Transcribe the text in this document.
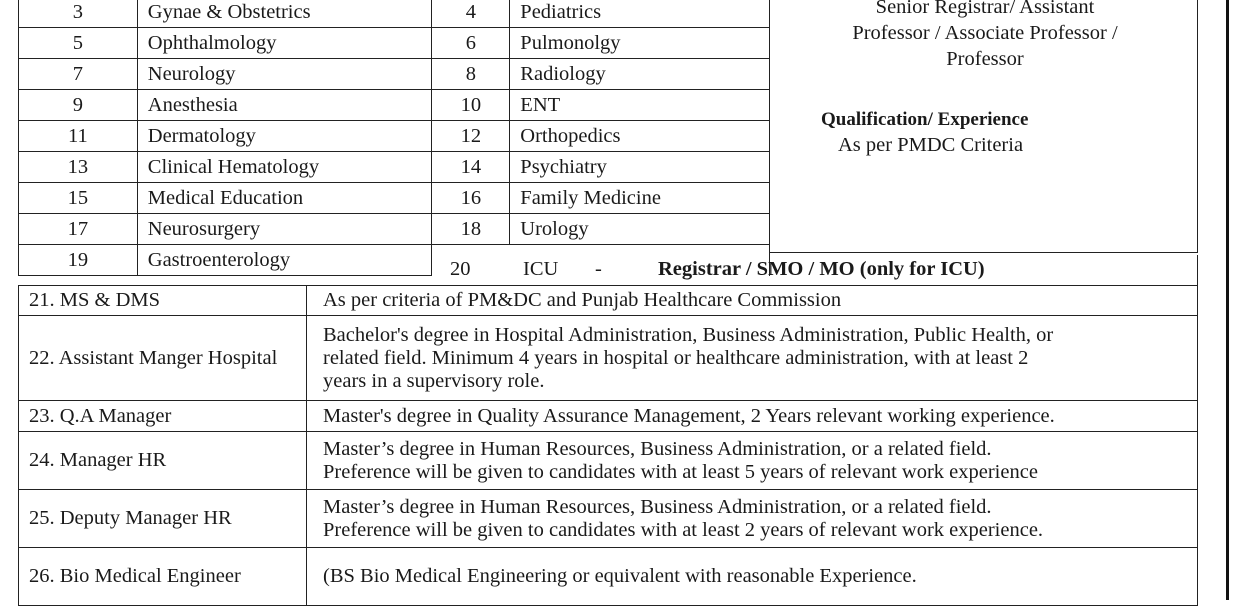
3	Gynae & Obstetrics	4	Pediatrics
5	Ophthalmology	6	Pulmonolgy
7	Neurology	8	Radiology
9	Anesthesia	10	ENT
11	Dermatology	12	Orthopedics
13	Clinical Hematology	14	Psychiatry
15	Medical Education	16	Family Medicine
17	Neurosurgery	18	Urology
19	Gastroenterology		
Senior Registrar/ Assistant
Professor / Associate Professor /
Professor
Qualification/ Experience
As per PMDC Criteria
20	ICU -	Registrar / SMO / MO (only for ICU)
21. MS & DMS	As per criteria of PM&DC and Punjab Healthcare Commission

22. Assistant Manger Hospital	Bachelor's degree in Hospital Administration, Business Administration, Public Health, or
related field. Minimum 4 years in hospital or healthcare administration, with at least 2
years in a supervisory role.

23. Q.A Manager	Master's degree in Quality Assurance Management, 2 Years relevant working experience.

24. Manager HR	Master’s degree in Human Resources, Business Administration, or a related field.
Preference will be given to candidates with at least 5 years of relevant work experience

25. Deputy Manager HR	Master’s degree in Human Resources, Business Administration, or a related field.
Preference will be given to candidates with at least 2 years of relevant work experience.

26. Bio Medical Engineer	(BS Bio Medical Engineering or equivalent with reasonable Experience.
